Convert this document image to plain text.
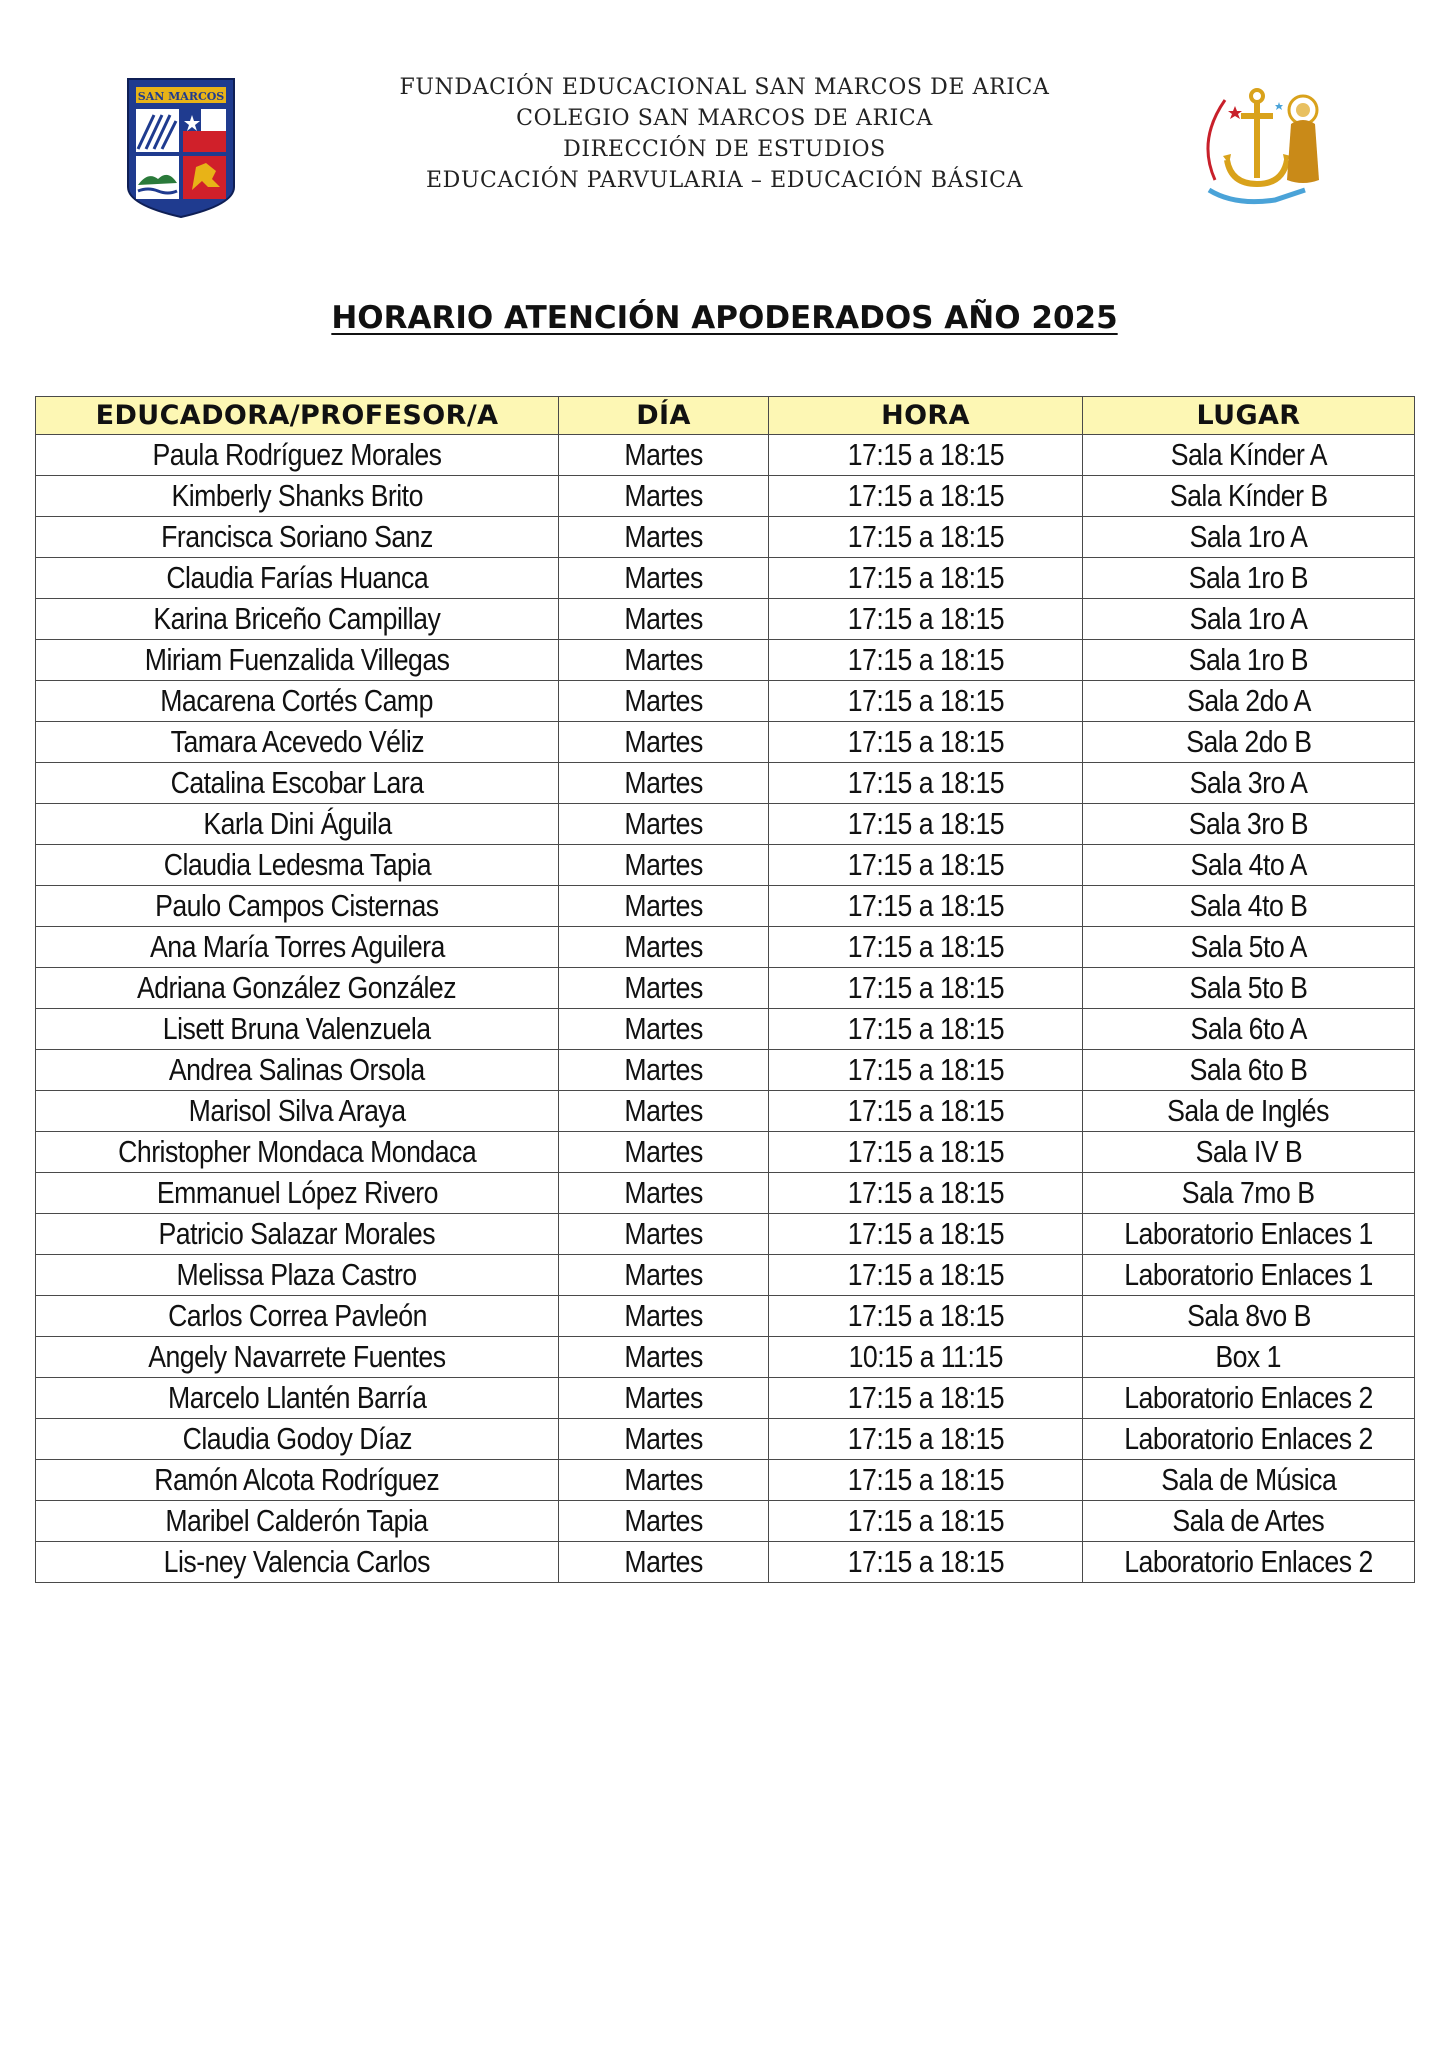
SAN MARCOS	FUNDACIÓN EDUCACIONAL SAN MARCOS DE ARICA
COLEGIO SAN MARCOS DE ARICA
DIRECCIÓN DE ESTUDIOS
EDUCACIÓN PARVULARIA – EDUCACIÓN BÁSICA
HORARIO ATENCIÓN APODERADOS AÑO 2025
EDUCADORA/PROFESOR/A	DÍA	HORA	LUGAR
Paula Rodríguez Morales	Martes	17:15 a 18:15	Sala Kínder A
Kimberly Shanks Brito	Martes	17:15 a 18:15	Sala Kínder B
Francisca Soriano Sanz	Martes	17:15 a 18:15	Sala 1ro A
Claudia Farías Huanca	Martes	17:15 a 18:15	Sala 1ro B
Karina Briceño Campillay	Martes	17:15 a 18:15	Sala 1ro A
Miriam Fuenzalida Villegas	Martes	17:15 a 18:15	Sala 1ro B
Macarena Cortés Camp	Martes	17:15 a 18:15	Sala 2do A
Tamara Acevedo Véliz	Martes	17:15 a 18:15	Sala 2do B
Catalina Escobar Lara	Martes	17:15 a 18:15	Sala 3ro A
Karla Dini Águila	Martes	17:15 a 18:15	Sala 3ro B
Claudia Ledesma Tapia	Martes	17:15 a 18:15	Sala 4to A
Paulo Campos Cisternas	Martes	17:15 a 18:15	Sala 4to B
Ana María Torres Aguilera	Martes	17:15 a 18:15	Sala 5to A
Adriana González González	Martes	17:15 a 18:15	Sala 5to B
Lisett Bruna Valenzuela	Martes	17:15 a 18:15	Sala 6to A
Andrea Salinas Orsola	Martes	17:15 a 18:15	Sala 6to B
Marisol Silva Araya	Martes	17:15 a 18:15	Sala de Inglés
Christopher Mondaca Mondaca	Martes	17:15 a 18:15	Sala IV B
Emmanuel López Rivero	Martes	17:15 a 18:15	Sala 7mo B
Patricio Salazar Morales	Martes	17:15 a 18:15	Laboratorio Enlaces 1
Melissa Plaza Castro	Martes	17:15 a 18:15	Laboratorio Enlaces 1
Carlos Correa Pavleón	Martes	17:15 a 18:15	Sala 8vo B
Angely Navarrete Fuentes	Martes	10:15 a 11:15	Box 1
Marcelo Llantén Barría	Martes	17:15 a 18:15	Laboratorio Enlaces 2
Claudia Godoy Díaz	Martes	17:15 a 18:15	Laboratorio Enlaces 2
Ramón Alcota Rodríguez	Martes	17:15 a 18:15	Sala de Música
Maribel Calderón Tapia	Martes	17:15 a 18:15	Sala de Artes
Lis-ney Valencia Carlos	Martes	17:15 a 18:15	Laboratorio Enlaces 2
